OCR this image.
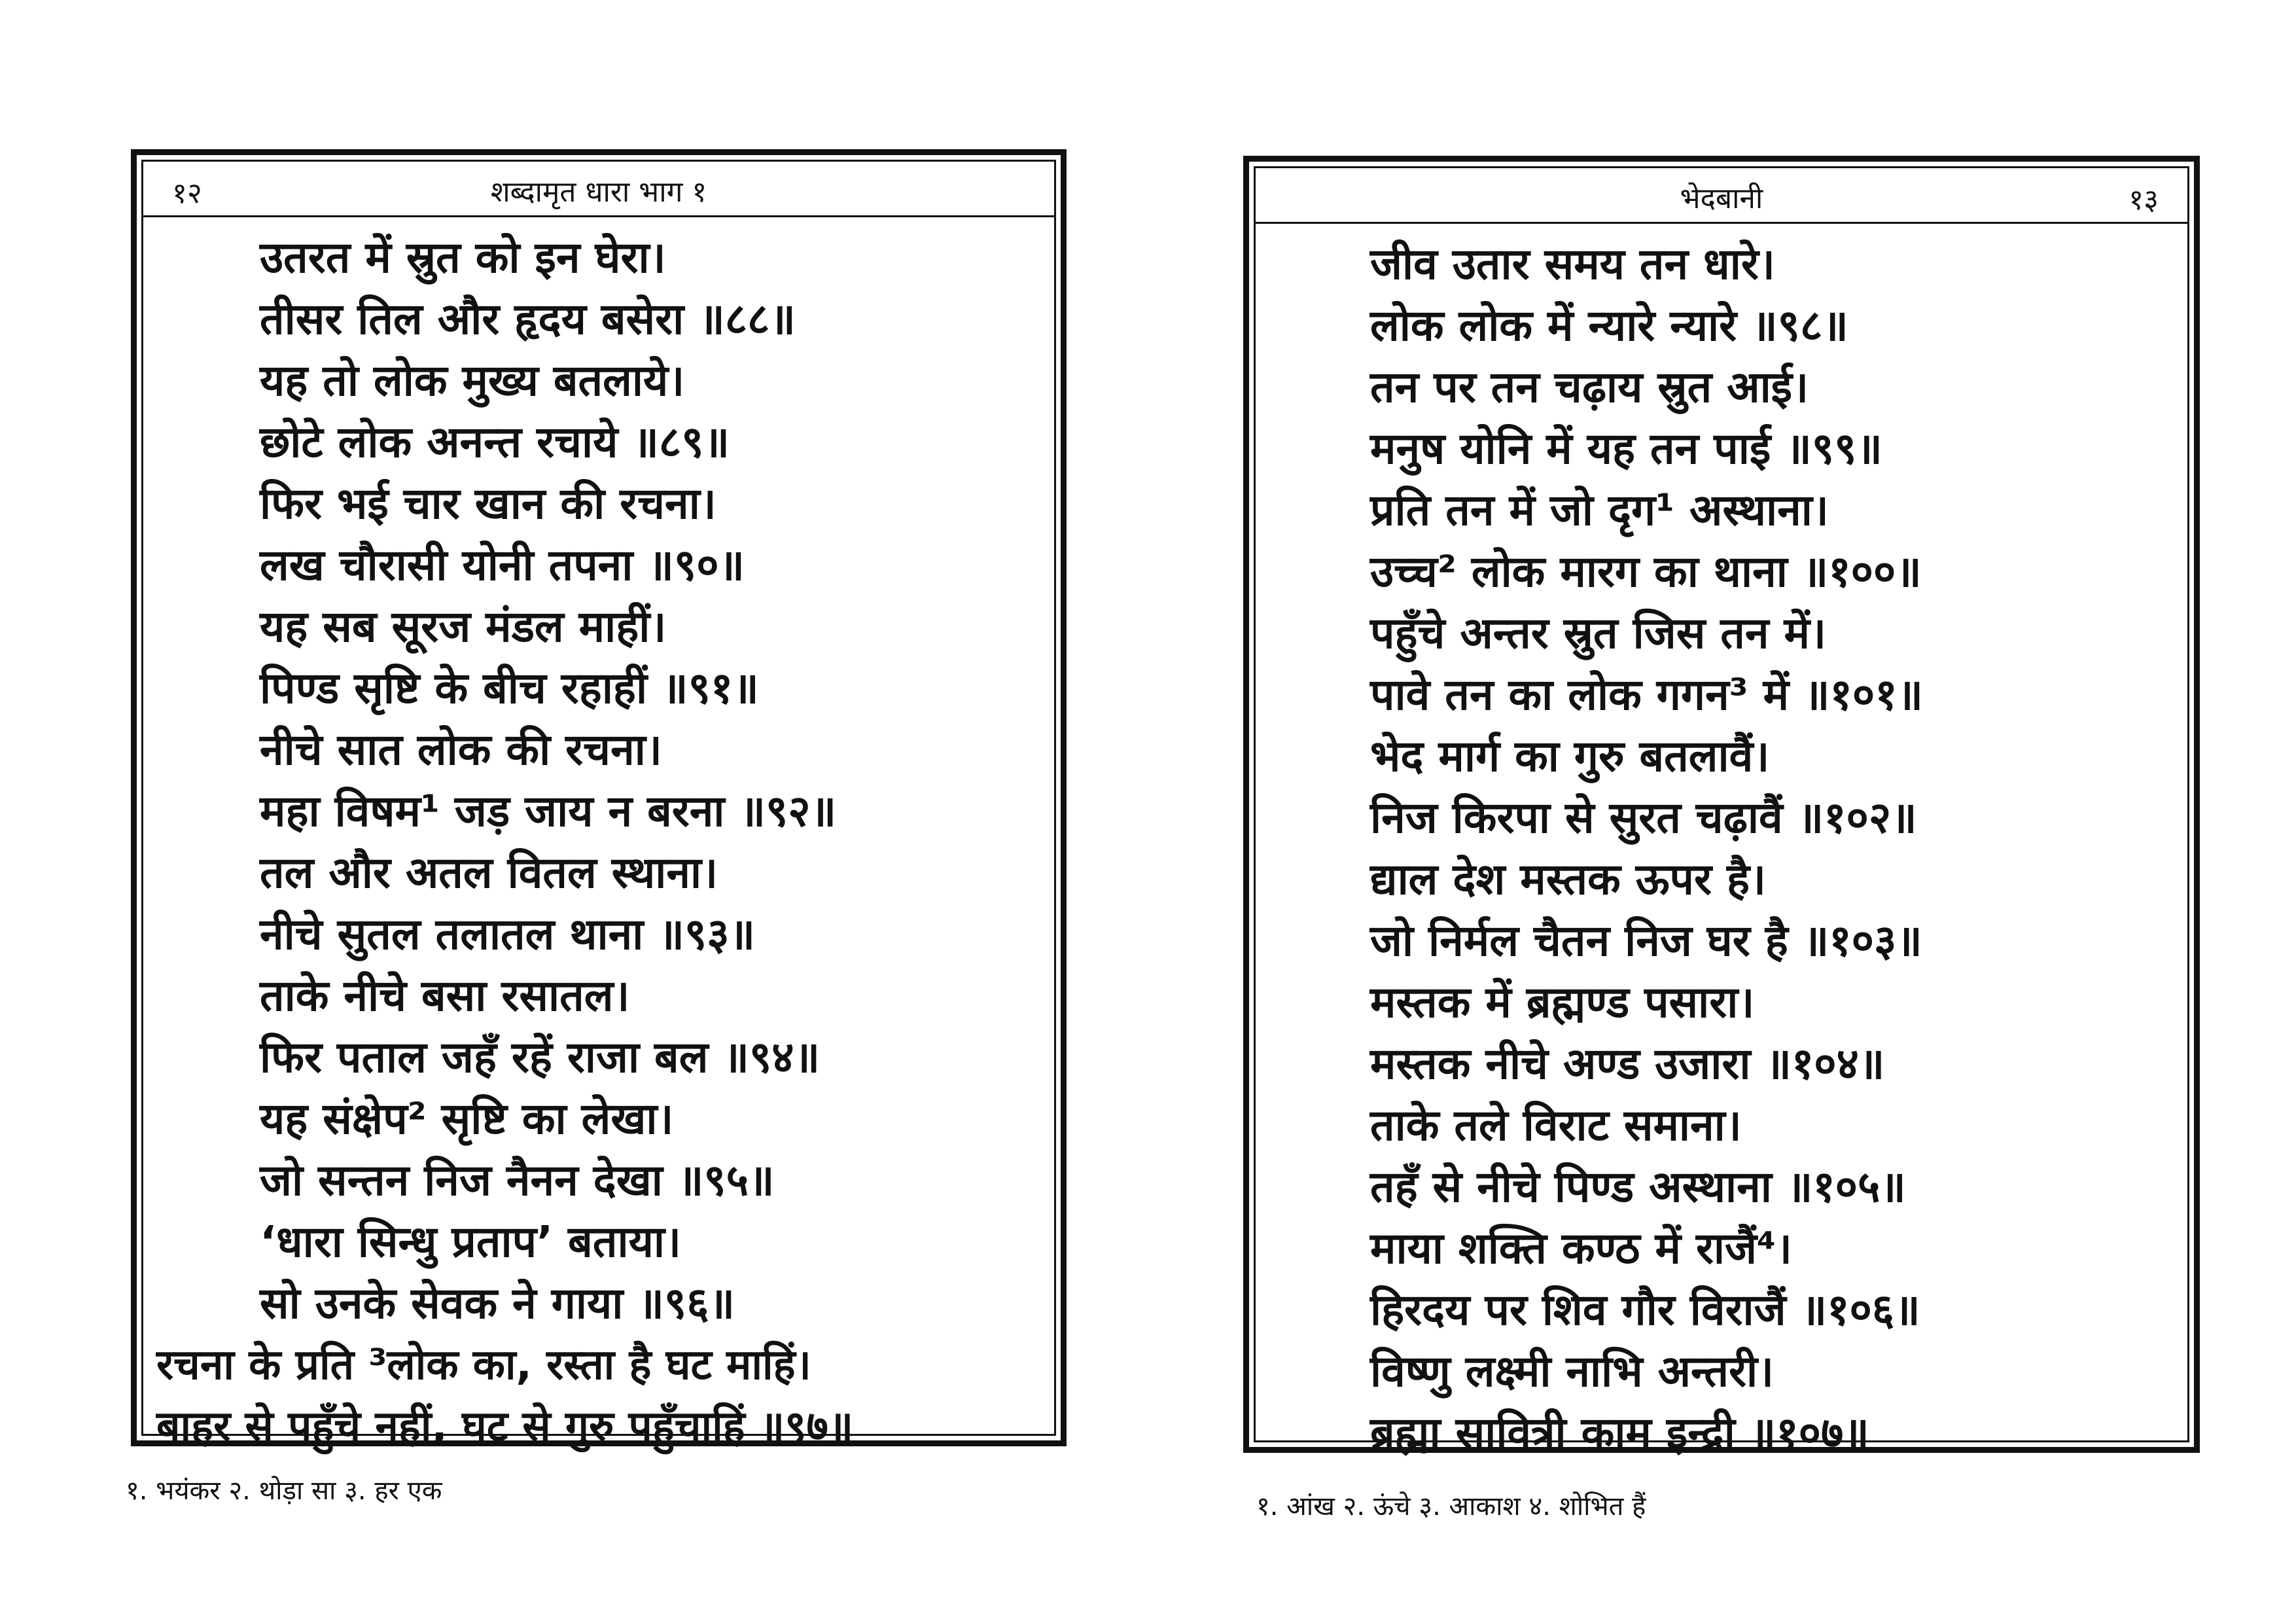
१२	शब्दामृत धारा भाग १
उतरत में स्रुत को इन घेरा।
तीसर तिल और हृदय बसेरा ॥८८॥
यह तो लोक मुख्य बतलाये।
छोटे लोक अनन्त रचाये ॥८९॥
फिर भई चार खान की रचना।
लख चौरासी योनी तपना ॥९०॥
यह सब सूरज मंडल माहीं।
पिण्ड सृष्टि के बीच रहाहीं ॥९१॥
नीचे सात लोक की रचना।
महा विषम¹ जड़ जाय न बरना ॥९२॥
तल और अतल वितल स्थाना।
नीचे सुतल तलातल थाना ॥९३॥
ताके नीचे बसा रसातल।
फिर पताल जहँ रहें राजा बल ॥९४॥
यह संक्षेप² सृष्टि का लेखा।
जो सन्तन निज नैनन देखा ॥९५॥
‘धारा सिन्धु प्रताप’ बताया।
सो उनके सेवक ने गाया ॥९६॥
रचना के प्रति ³लोक का, रस्ता है घट माहिं।
बाहर से पहुँचे नहीं, घट से गुरु पहुँचाहिं ॥९७॥
१. भयंकर २. थोड़ा सा ३. हर एक
भेदबानी	१३
जीव उतार समय तन धारे।
लोक लोक में न्यारे न्यारे ॥९८॥
तन पर तन चढ़ाय स्रुत आई।
मनुष योनि में यह तन पाई ॥९९॥
प्रति तन में जो दृग¹ अस्थाना।
उच्च² लोक मारग का थाना ॥१००॥
पहुँचे अन्तर स्रुत जिस तन में।
पावे तन का लोक गगन³ में ॥१०१॥
भेद मार्ग का गुरु बतलावैं।
निज किरपा से सुरत चढ़ावैं ॥१०२॥
द्याल देश मस्तक ऊपर है।
जो निर्मल चैतन निज घर है ॥१०३॥
मस्तक में ब्रह्मण्ड पसारा।
मस्तक नीचे अण्ड उजारा ॥१०४॥
ताके तले विराट समाना।
तहँ से नीचे पिण्ड अस्थाना ॥१०५॥
माया शक्ति कण्ठ में राजैं⁴।
हिरदय पर शिव गौर विराजैं ॥१०६॥
विष्णु लक्ष्मी नाभि अन्तरी।
ब्रह्मा सावित्री काम इन्द्री ॥१०७॥
१. आंख २. ऊंचे ३. आकाश ४. शोभित हैं
